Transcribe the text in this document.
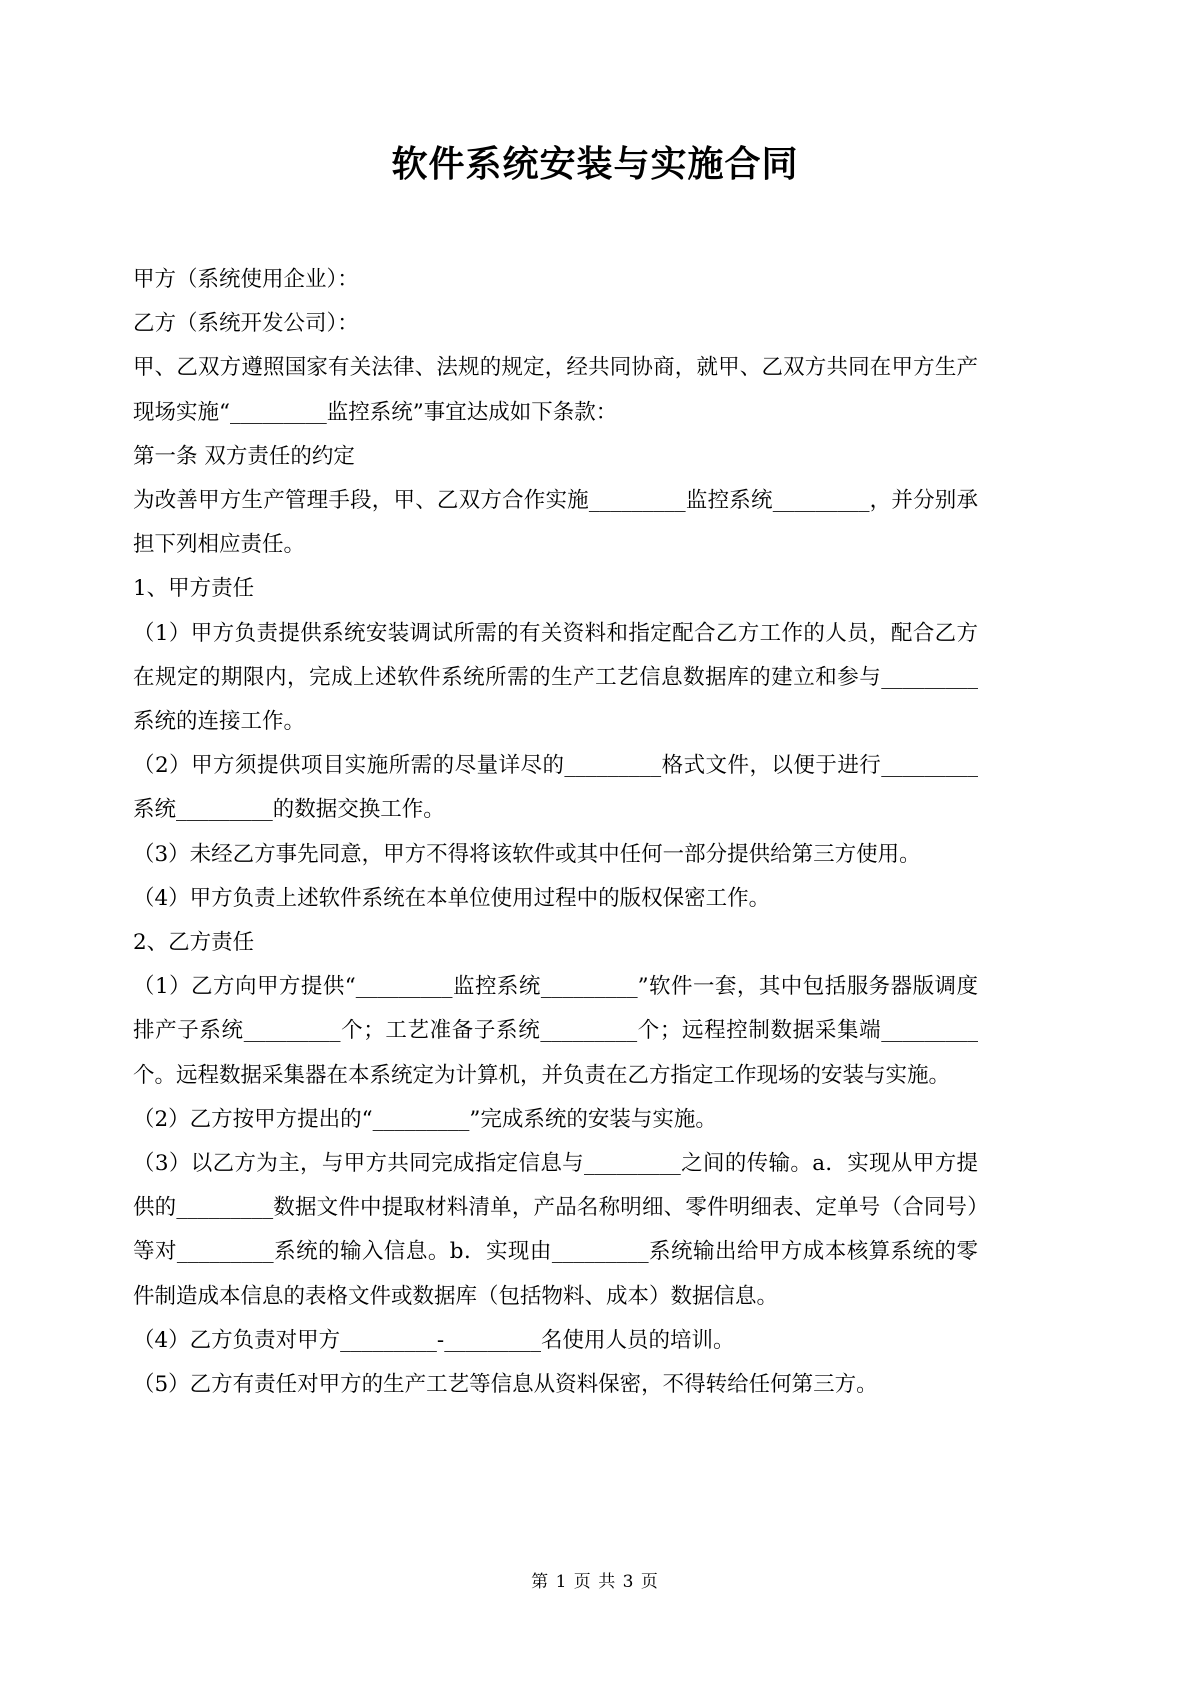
软件系统安装与实施合同

甲方（系统使用企业）：

乙方（系统开发公司）：

甲、乙双方遵照国家有关法律、法规的规定，经共同协商，就甲、乙双方共同在甲方生产现场实施“_________监控系统”事宜达成如下条款：

第一条 双方责任的约定

为改善甲方生产管理手段，甲、乙双方合作实施_________监控系统_________，并分别承担下列相应责任。

1、甲方责任

（1）甲方负责提供系统安装调试所需的有关资料和指定配合乙方工作的人员，配合乙方在规定的期限内，完成上述软件系统所需的生产工艺信息数据库的建立和参与_________系统的连接工作。

（2）甲方须提供项目实施所需的尽量详尽的_________格式文件，以便于进行_________系统_________的数据交换工作。

（3）未经乙方事先同意，甲方不得将该软件或其中任何一部分提供给第三方使用。

（4）甲方负责上述软件系统在本单位使用过程中的版权保密工作。

2、乙方责任

（1）乙方向甲方提供“_________监控系统_________”软件一套，其中包括服务器版调度排产子系统_________个；工艺准备子系统_________个；远程控制数据采集端_________个。远程数据采集器在本系统定为计算机，并负责在乙方指定工作现场的安装与实施。

（2）乙方按甲方提出的“_________”完成系统的安装与实施。

（3）以乙方为主，与甲方共同完成指定信息与_________之间的传输。a．实现从甲方提供的_________数据文件中提取材料清单，产品名称明细、零件明细表、定单号（合同号）等对_________系统的输入信息。b．实现由_________系统输出给甲方成本核算系统的零件制造成本信息的表格文件或数据库（包括物料、成本）数据信息。

（4）乙方负责对甲方_________-_________名使用人员的培训。

（5）乙方有责任对甲方的生产工艺等信息从资料保密，不得转给任何第三方。

第 1 页 共 3 页
